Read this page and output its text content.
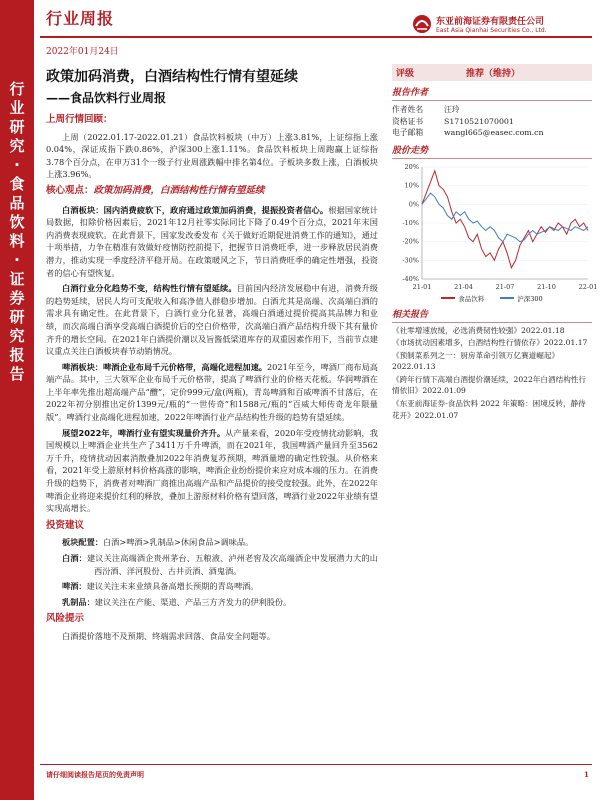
行业研究·食品饮料·证券研究报告
行业周报
2022年01月24日
东亚前海证券有限责任公司
East Asia Qianhai Securities Co., Ltd.
政策加码消费，白酒结构性行情有望延续
——食品饮料行业周报
上周行情回顾：

上周（2022.01.17-2022.01.21）食品饮料板块（中万）上涨3.81%，上证综指上涨0.04%，深证成指下跌0.86%，沪深300上涨1.11%。食品饮料板块上周跑赢上证综指3.78个百分点，在申万31个一级子行业周涨跌幅中排名第4位。子板块多数上涨，白酒板块上涨3.96%。

核心观点：政策加码消费，白酒结构性行情有望延续

白酒板块：国内消费疲软下，政府通过政策加码消费，提振投资者信心。根据国家统计局数据，扣除价格因素后，2021年12月社零实际同比下降了0.49个百分点，2021年末国内消费表现疲软。在此背景下，国家发改委发布《关于做好近期促进消费工作的通知》，通过十项举措，力争在精准有效做好疫情防控前提下，把握节日消费旺季，进一步释放居民消费潜力，推动实现一季度经济平稳开局。在政策暖风之下，节日消费旺季的确定性增强，投资者的信心有望恢复。

白酒行业分化趋势不变，结构性行情有望延续。目前国内经济发展稳中有进，消费升级的趋势延续，居民人均可支配收入和高净值人群稳步增加。白酒尤其是高端、次高端白酒的需求具有确定性。在此背景下，白酒行业分化显著，高端白酒通过提价提高其品牌力和业绩，而次高端白酒享受高端白酒提价后的空白价格带，次高端白酒产品结构升级下其有量价齐升的增长空间。在2021年白酒提价潮以及旨酱低梁道库存的双重因素作用下，当前节点建议重点关注白酒板块春节动销情况。

啤酒板块：啤酒企业布局千元价格带，高端化进程加速。2021年至今，啤酒厂商布局高端产品。其中，三大领军企业布局千元价格带，提高了啤酒行业的价格天花板。华润啤酒在上半年率先推出超高端产品“醴”，定价999元/盒(两瓶)，青岛啤酒和百威啤酒不甘落后，在2022年初分别推出定价1399元/瓶的“一世传奇”和1588元/瓶的“百威大师传奇龙年限量版”。啤酒行业高端化进程加速，2022年啤酒行业产品结构性升级的趋势有望延续。

展望2022年，啤酒行业有望实现量价齐升。从产量来看，2020年受疫情扰动影响，我国规模以上啤酒企业共生产了3411万千升啤酒，而在2021年，我国啤酒产量回升至3562万千升，疫情扰动因素消散叠加2022年消费复苏预期，啤酒量增的确定性较强。从价格来看，2021年受上游原材料价格高涨的影响，啤酒企业纷纷提价来应对成本端的压力。在消费升级的趋势下，消费者对啤酒厂商推出高端产品和产品提价的接受度较强。此外，在2022年啤酒企业将迎来提价红利的释放，叠加上游原材料价格有望回落，啤酒行业2022年业绩有望实现高增长。

投资建议

板块配置：白酒>啤酒>乳制品>休闲食品>调味品。

白酒：建议关注高端酒企贵州茅台、五粮液、泸州老窖及次高端酒企中发展潜力大的山西汾酒、洋河股份、古井贡酒、酒鬼酒。

啤酒：建议关注未来业绩具备高增长预期的青岛啤酒。

乳制品：建议关注在产能、渠道、产品三方齐发力的伊利股份。

风险提示

白酒提价落地不及预期、终端需求回落、食品安全问题等。

评级	推荐（维持）
报告作者
作者姓名	汪玲
资格证书	S1710521070001
电子邮箱	wangl665@easec.com.cn
股价走势
20%
10%
0%
-10%
-20%
-30%
-40%
21-01	21-04	21-07	21-10	22-01
食品饮料	沪深300
相关报告
《社零增速放缓，必选消费韧性较强》2022.01.18
《市场扰动因素增多，白酒结构性行情依存》2022.01.17
《预制菜系列之一：厨房革命引领万亿赛道崛起》2022.01.13
《跨年行情下高端白酒提价潮延续，2022年白酒结构性行情依旧》2022.01.09
《东亚前海证券-食品饮料 2022 年策略：困境反转，静待花开》2022.01.07
请仔细阅读报告尾页的免责声明	1
